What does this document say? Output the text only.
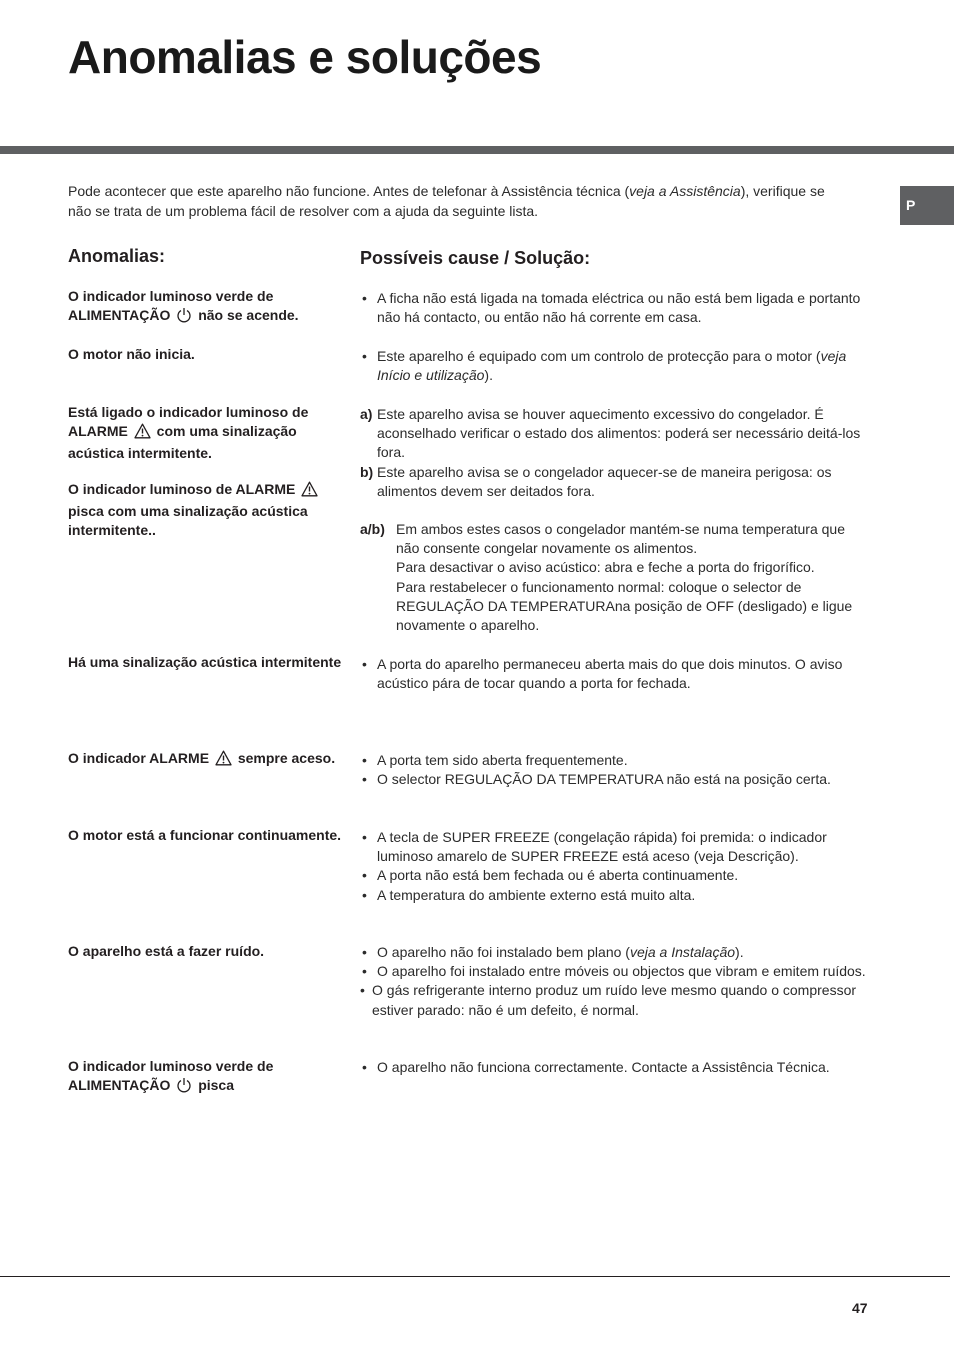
Anomalias e soluções
P

Pode acontecer que este aparelho não funcione. Antes de telefonar à Assistência técnica (veja a Assistência), verifique se não se trata de um problema fácil de resolver com a ajuda da seguinte lista.

Anomalias:	Possíveis cause / Solução:
O indicador luminoso verde de ALIMENTAÇÃO não se acende.
O motor não inicia.
Está ligado o indicador luminoso de ALARME com uma sinalização acústica intermitente.
O indicador luminoso de ALARME  pisca com uma sinalização acústica intermitente..
Há uma sinalização acústica intermitente
O indicador ALARME sempre aceso.
O motor está a funcionar continuamente.
O aparelho está a fazer ruído.
O indicador luminoso verde de ALIMENTAÇÃO pisca
• A ficha não está ligada na tomada eléctrica ou não está bem ligada e portanto não há contacto, ou então não há corrente em casa.
• Este aparelho é equipado com um controlo de protecção para o motor (veja Início e utilização).
a) Este aparelho avisa se houver aquecimento excessivo do congelador. É aconselhado verificar o estado dos alimentos: poderá ser necessário deitá-los fora.
b) Este aparelho avisa se o congelador aquecer-se de maneira perigosa: os alimentos devem ser deitados fora.
a/b) Em ambos estes casos o congelador mantém-se numa temperatura que não consente congelar novamente os alimentos.
Para desactivar o aviso acústico: abra e feche a porta do frigorífico.
Para restabelecer o funcionamento normal: coloque o selector de REGULAÇÃO DA TEMPERATURAna posição de OFF (desligado) e ligue novamente o aparelho.
• A porta do aparelho permaneceu aberta mais do que dois minutos. O aviso acústico pára de tocar quando a porta for fechada.
• A porta tem sido aberta frequentemente.
• O selector REGULAÇÃO DA TEMPERATURA não está na posição certa.
• A tecla de SUPER FREEZE (congelação rápida) foi premida: o indicador luminoso amarelo de SUPER FREEZE está aceso (veja Descrição).
• A porta não está bem fechada ou é aberta continuamente.
• A temperatura do ambiente externo está muito alta.
• O aparelho não foi instalado bem plano (veja a Instalação).
• O aparelho foi instalado entre móveis ou objectos que vibram e emitem ruídos.
• O gás refrigerante interno produz um ruído leve mesmo quando o compressor estiver parado: não é um defeito, é normal.
• O aparelho não funciona correctamente. Contacte a Assistência Técnica.
47
